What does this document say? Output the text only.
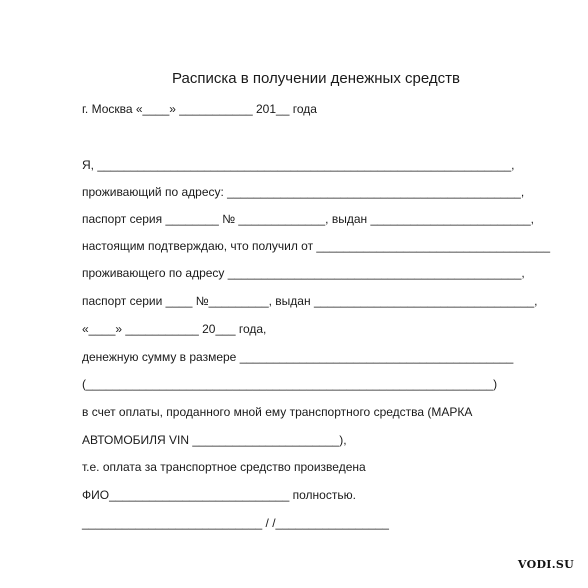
Расписка в получении денежных средств
г. Москва «____» ___________ 201__ года
Я, ______________________________________________________________,
проживающий по адресу: ____________________________________________,
паспорт серия ________ № _____________, выдан ________________________,
настоящим подтверждаю, что получил от ___________________________________
проживающего по адресу ____________________________________________,
паспорт серии ____ №_________, выдан _________________________________,
«____» ___________ 20___ года,
денежную сумму в размере _________________________________________
(_____________________________________________________________)
в счет оплаты, проданного мной ему транспортного средства (МАРКА
АВТОМОБИЛЯ VIN ______________________),
т.е. оплата за транспортное средство произведена
ФИО___________________________ полностью.
___________________________ / /_________________
VODI.SU
